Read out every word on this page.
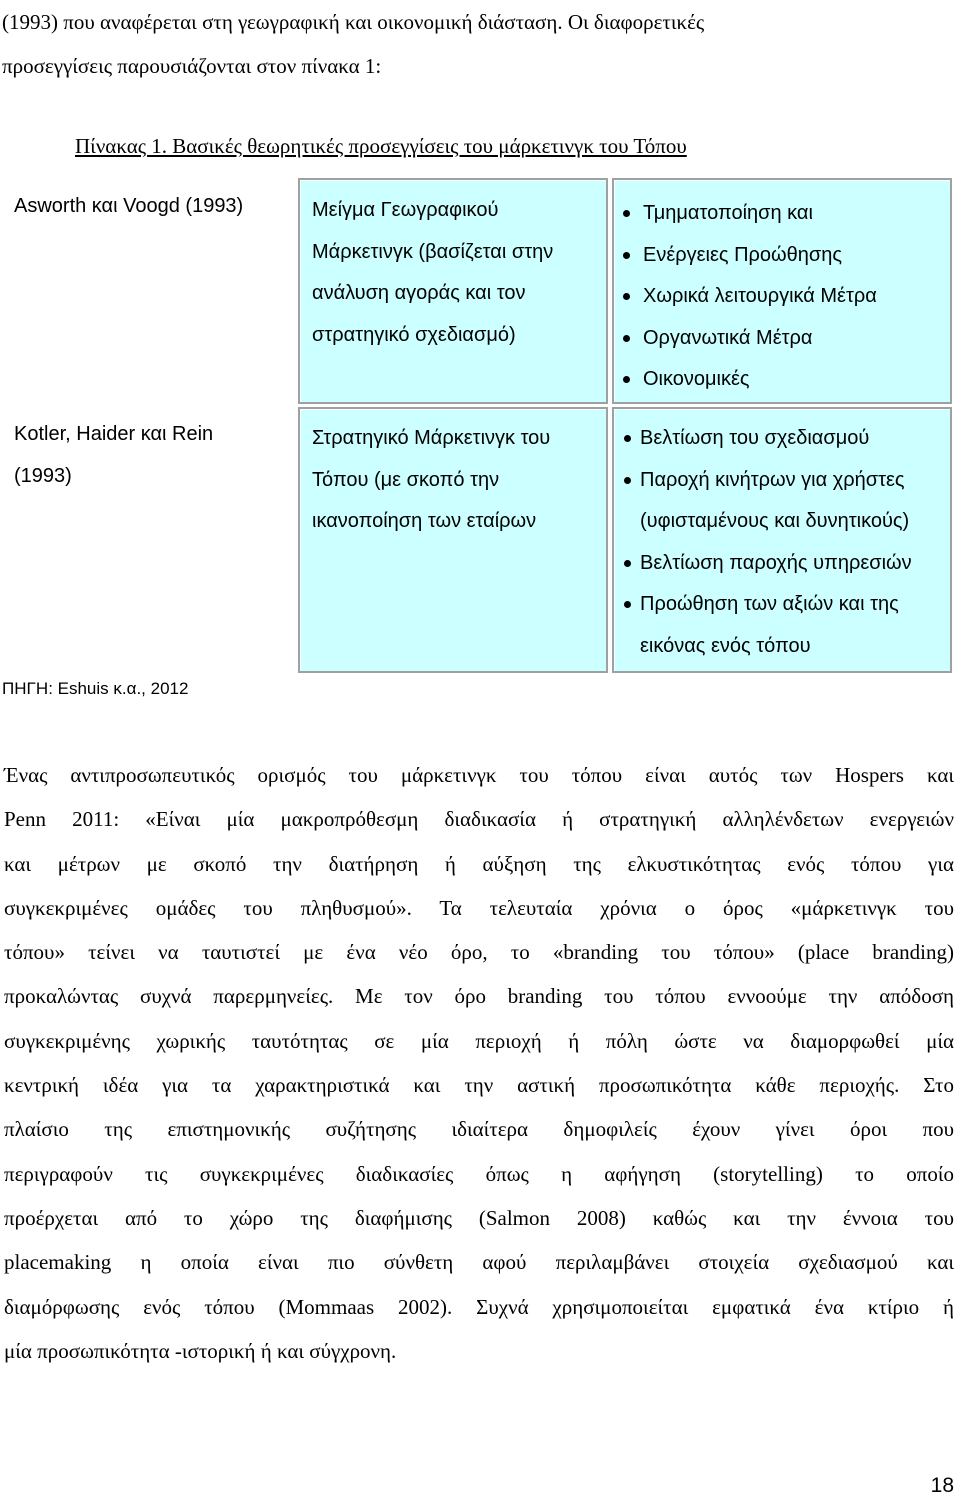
(1993) που αναφέρεται στη γεωγραφική και οικονομική διάσταση. Οι διαφορετικές
προσεγγίσεις παρουσιάζονται στον πίνακα 1:

Πίνακας 1. Βασικές θεωρητικές προσεγγίσεις του μάρκετινγκ του Τόπου

Asworth και Voogd (1993)	Μείγμα Γεωγραφικού
Μάρκετινγκ (βασίζεται στην
ανάλυση αγοράς και τον
στρατηγικό σχεδιασμό)
Τμηματοποίηση και
Ενέργειες Προώθησης
Χωρικά λειτουργικά Μέτρα
Οργανωτικά Μέτρα
Οικονομικές
Kotler, Haider και Rein
(1993)
Στρατηγικό Μάρκετινγκ του
Τόπου (με σκοπό την
ικανοποίηση των εταίρων
Βελτίωση του σχεδιασμού
Παροχή κινήτρων για χρήστες
(υφισταμένους και δυνητικούς)
Βελτίωση παροχής υπηρεσιών
Προώθηση των αξιών και της
εικόνας ενός τόπου

ΠΗΓΗ: Eshuis κ.α., 2012

Ένας αντιπροσωπευτικός ορισμός του μάρκετινγκ του τόπου είναι αυτός των Hospers και
Penn 2011: «Είναι μία μακροπρόθεσμη διαδικασία ή στρατηγική αλληλένδετων ενεργειών
και μέτρων με σκοπό την διατήρηση ή αύξηση της ελκυστικότητας ενός τόπου για
συγκεκριμένες ομάδες του πληθυσμού». Τα τελευταία χρόνια ο όρος «μάρκετινγκ του
τόπου» τείνει να ταυτιστεί με ένα νέο όρο, το «branding του τόπου» (place branding)
προκαλώντας συχνά παρερμηνείες. Με τον όρο branding του τόπου εννοούμε την απόδοση
συγκεκριμένης χωρικής ταυτότητας σε μία περιοχή ή πόλη ώστε να διαμορφωθεί μία
κεντρική ιδέα για τα χαρακτηριστικά και την αστική προσωπικότητα κάθε περιοχής. Στο
πλαίσιο της επιστημονικής συζήτησης ιδιαίτερα δημοφιλείς έχουν γίνει όροι που
περιγραφούν τις συγκεκριμένες διαδικασίες όπως η αφήγηση (storytelling) το οποίο
προέρχεται από το χώρο της διαφήμισης (Salmon 2008) καθώς και την έννοια του
placemaking η οποία είναι πιο σύνθετη αφού περιλαμβάνει στοιχεία σχεδιασμού και
διαμόρφωσης ενός τόπου (Mommaas 2002). Συχνά χρησιμοποιείται εμφατικά ένα κτίριο ή
μία προσωπικότητα -ιστορική ή και σύγχρονη.

18
